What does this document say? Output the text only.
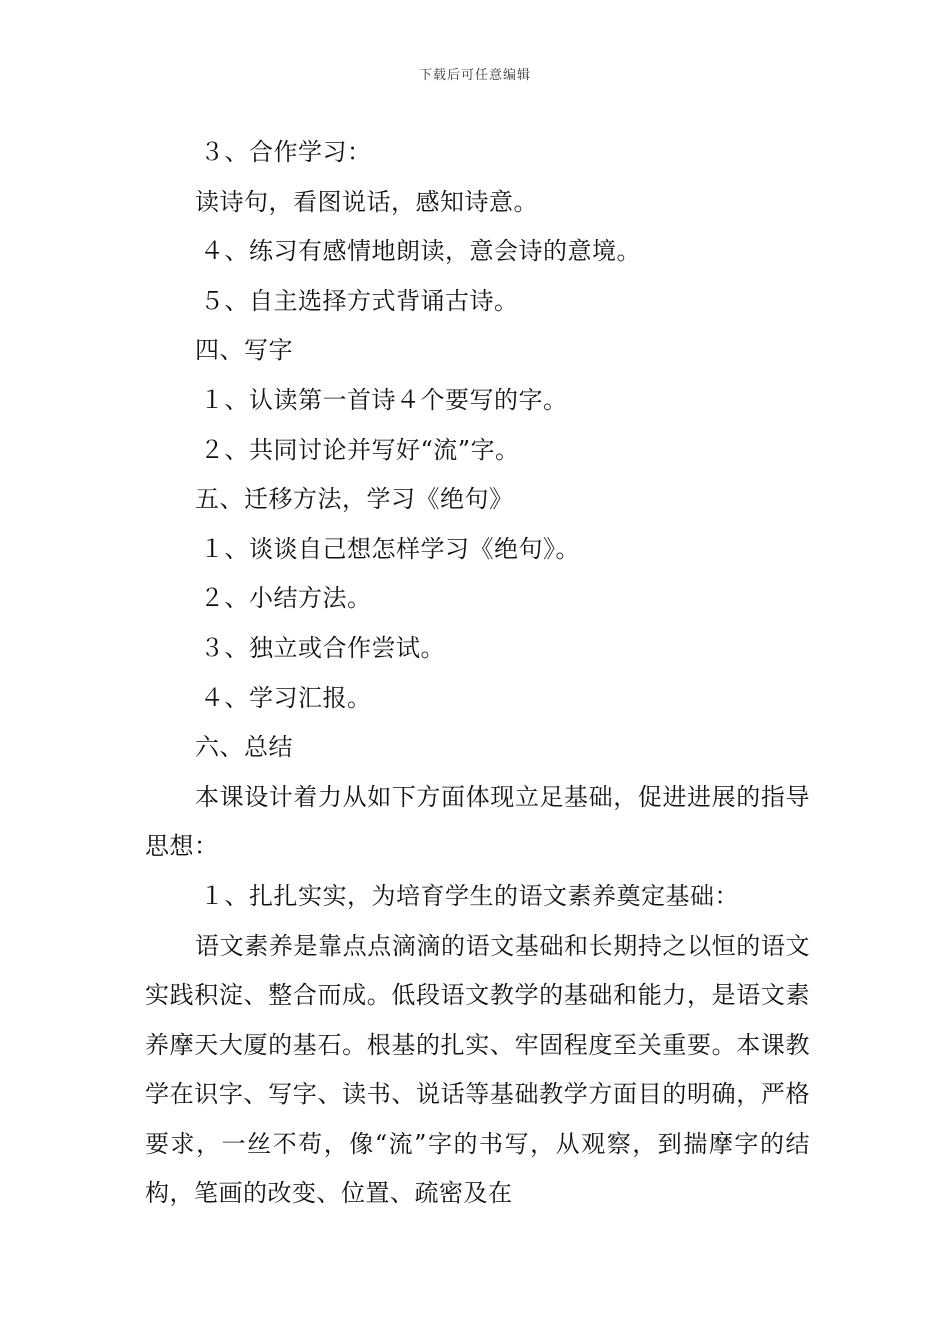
下载后可任意编辑
３、合作学习：
读诗句，看图说话，感知诗意。
４、练习有感情地朗读，意会诗的意境。
５、自主选择方式背诵古诗。
四、写字
１、认读第一首诗４个要写的字。
２、共同讨论并写好“流”字。
五、迁移方法，学习《绝句》
１、谈谈自己想怎样学习《绝句》。
２、小结方法。
３、独立或合作尝试。
４、学习汇报。
六、总结

本课设计着力从如下方面体现立足基础，促进进展的指导思想：

１、扎扎实实，为培育学生的语文素养奠定基础：

语文素养是靠点点滴滴的语文基础和长期持之以恒的语文实践积淀、整合而成。低段语文教学的基础和能力，是语文素养摩天大厦的基石。根基的扎实、牢固程度至关重要。本课教学在识字、写字、读书、说话等基础教学方面目的明确，严格要求，一丝不苟，像“流”字的书写，从观察，到揣摩字的结构，笔画的改变、位置、疏密及在
